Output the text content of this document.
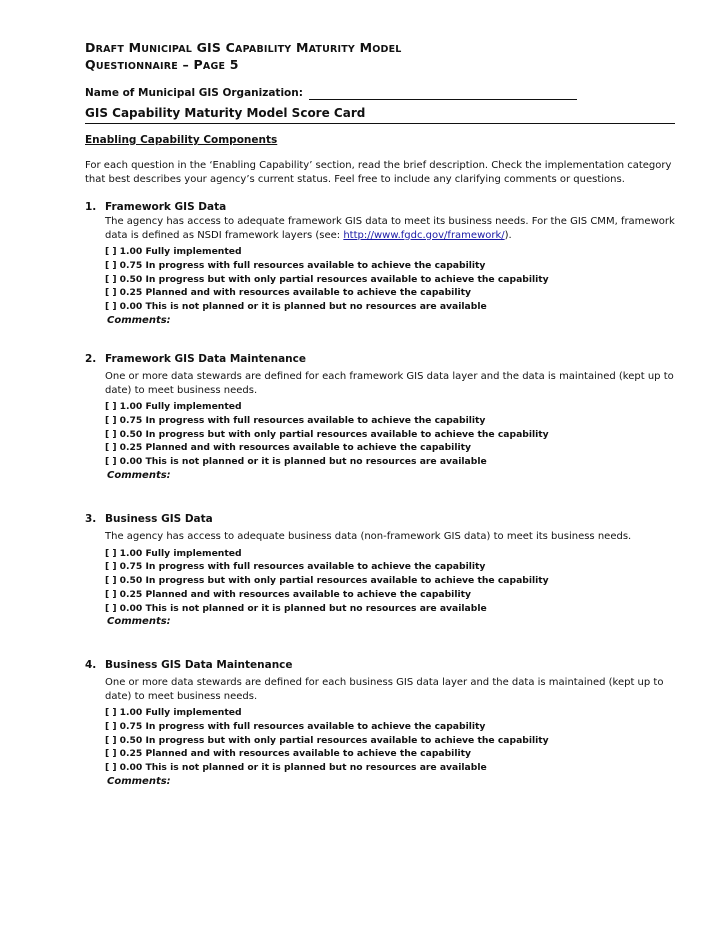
DRAFT MUNICIPAL GIS CAPABILITY MATURITY MODEL
QUESTIONNAIRE – PAGE 5
Name of Municipal GIS Organization:
GIS Capability Maturity Model Score Card
Enabling Capability Components
For each question in the ‘Enabling Capability’ section, read the brief description. Check the implementation category that best describes your agency’s current status. Feel free to include any clarifying comments or questions.
1. Framework GIS Data
The agency has access to adequate framework GIS data to meet its business needs. For the GIS CMM, framework data is defined as NSDI framework layers (see: http://www.fgdc.gov/framework/).
[ ] 1.00 Fully implemented
[ ] 0.75 In progress with full resources available to achieve the capability
[ ] 0.50 In progress but with only partial resources available to achieve the capability
[ ] 0.25 Planned and with resources available to achieve the capability
[ ] 0.00 This is not planned or it is planned but no resources are available
Comments:
2. Framework GIS Data Maintenance
One or more data stewards are defined for each framework GIS data layer and the data is maintained (kept up to date) to meet business needs.
[ ] 1.00 Fully implemented
[ ] 0.75 In progress with full resources available to achieve the capability
[ ] 0.50 In progress but with only partial resources available to achieve the capability
[ ] 0.25 Planned and with resources available to achieve the capability
[ ] 0.00 This is not planned or it is planned but no resources are available
Comments:
3. Business GIS Data
The agency has access to adequate business data (non-framework GIS data) to meet its business needs.
[ ] 1.00 Fully implemented
[ ] 0.75 In progress with full resources available to achieve the capability
[ ] 0.50 In progress but with only partial resources available to achieve the capability
[ ] 0.25 Planned and with resources available to achieve the capability
[ ] 0.00 This is not planned or it is planned but no resources are available
Comments:
4. Business GIS Data Maintenance
One or more data stewards are defined for each business GIS data layer and the data is maintained (kept up to date) to meet business needs.
[ ] 1.00 Fully implemented
[ ] 0.75 In progress with full resources available to achieve the capability
[ ] 0.50 In progress but with only partial resources available to achieve the capability
[ ] 0.25 Planned and with resources available to achieve the capability
[ ] 0.00 This is not planned or it is planned but no resources are available
Comments:
